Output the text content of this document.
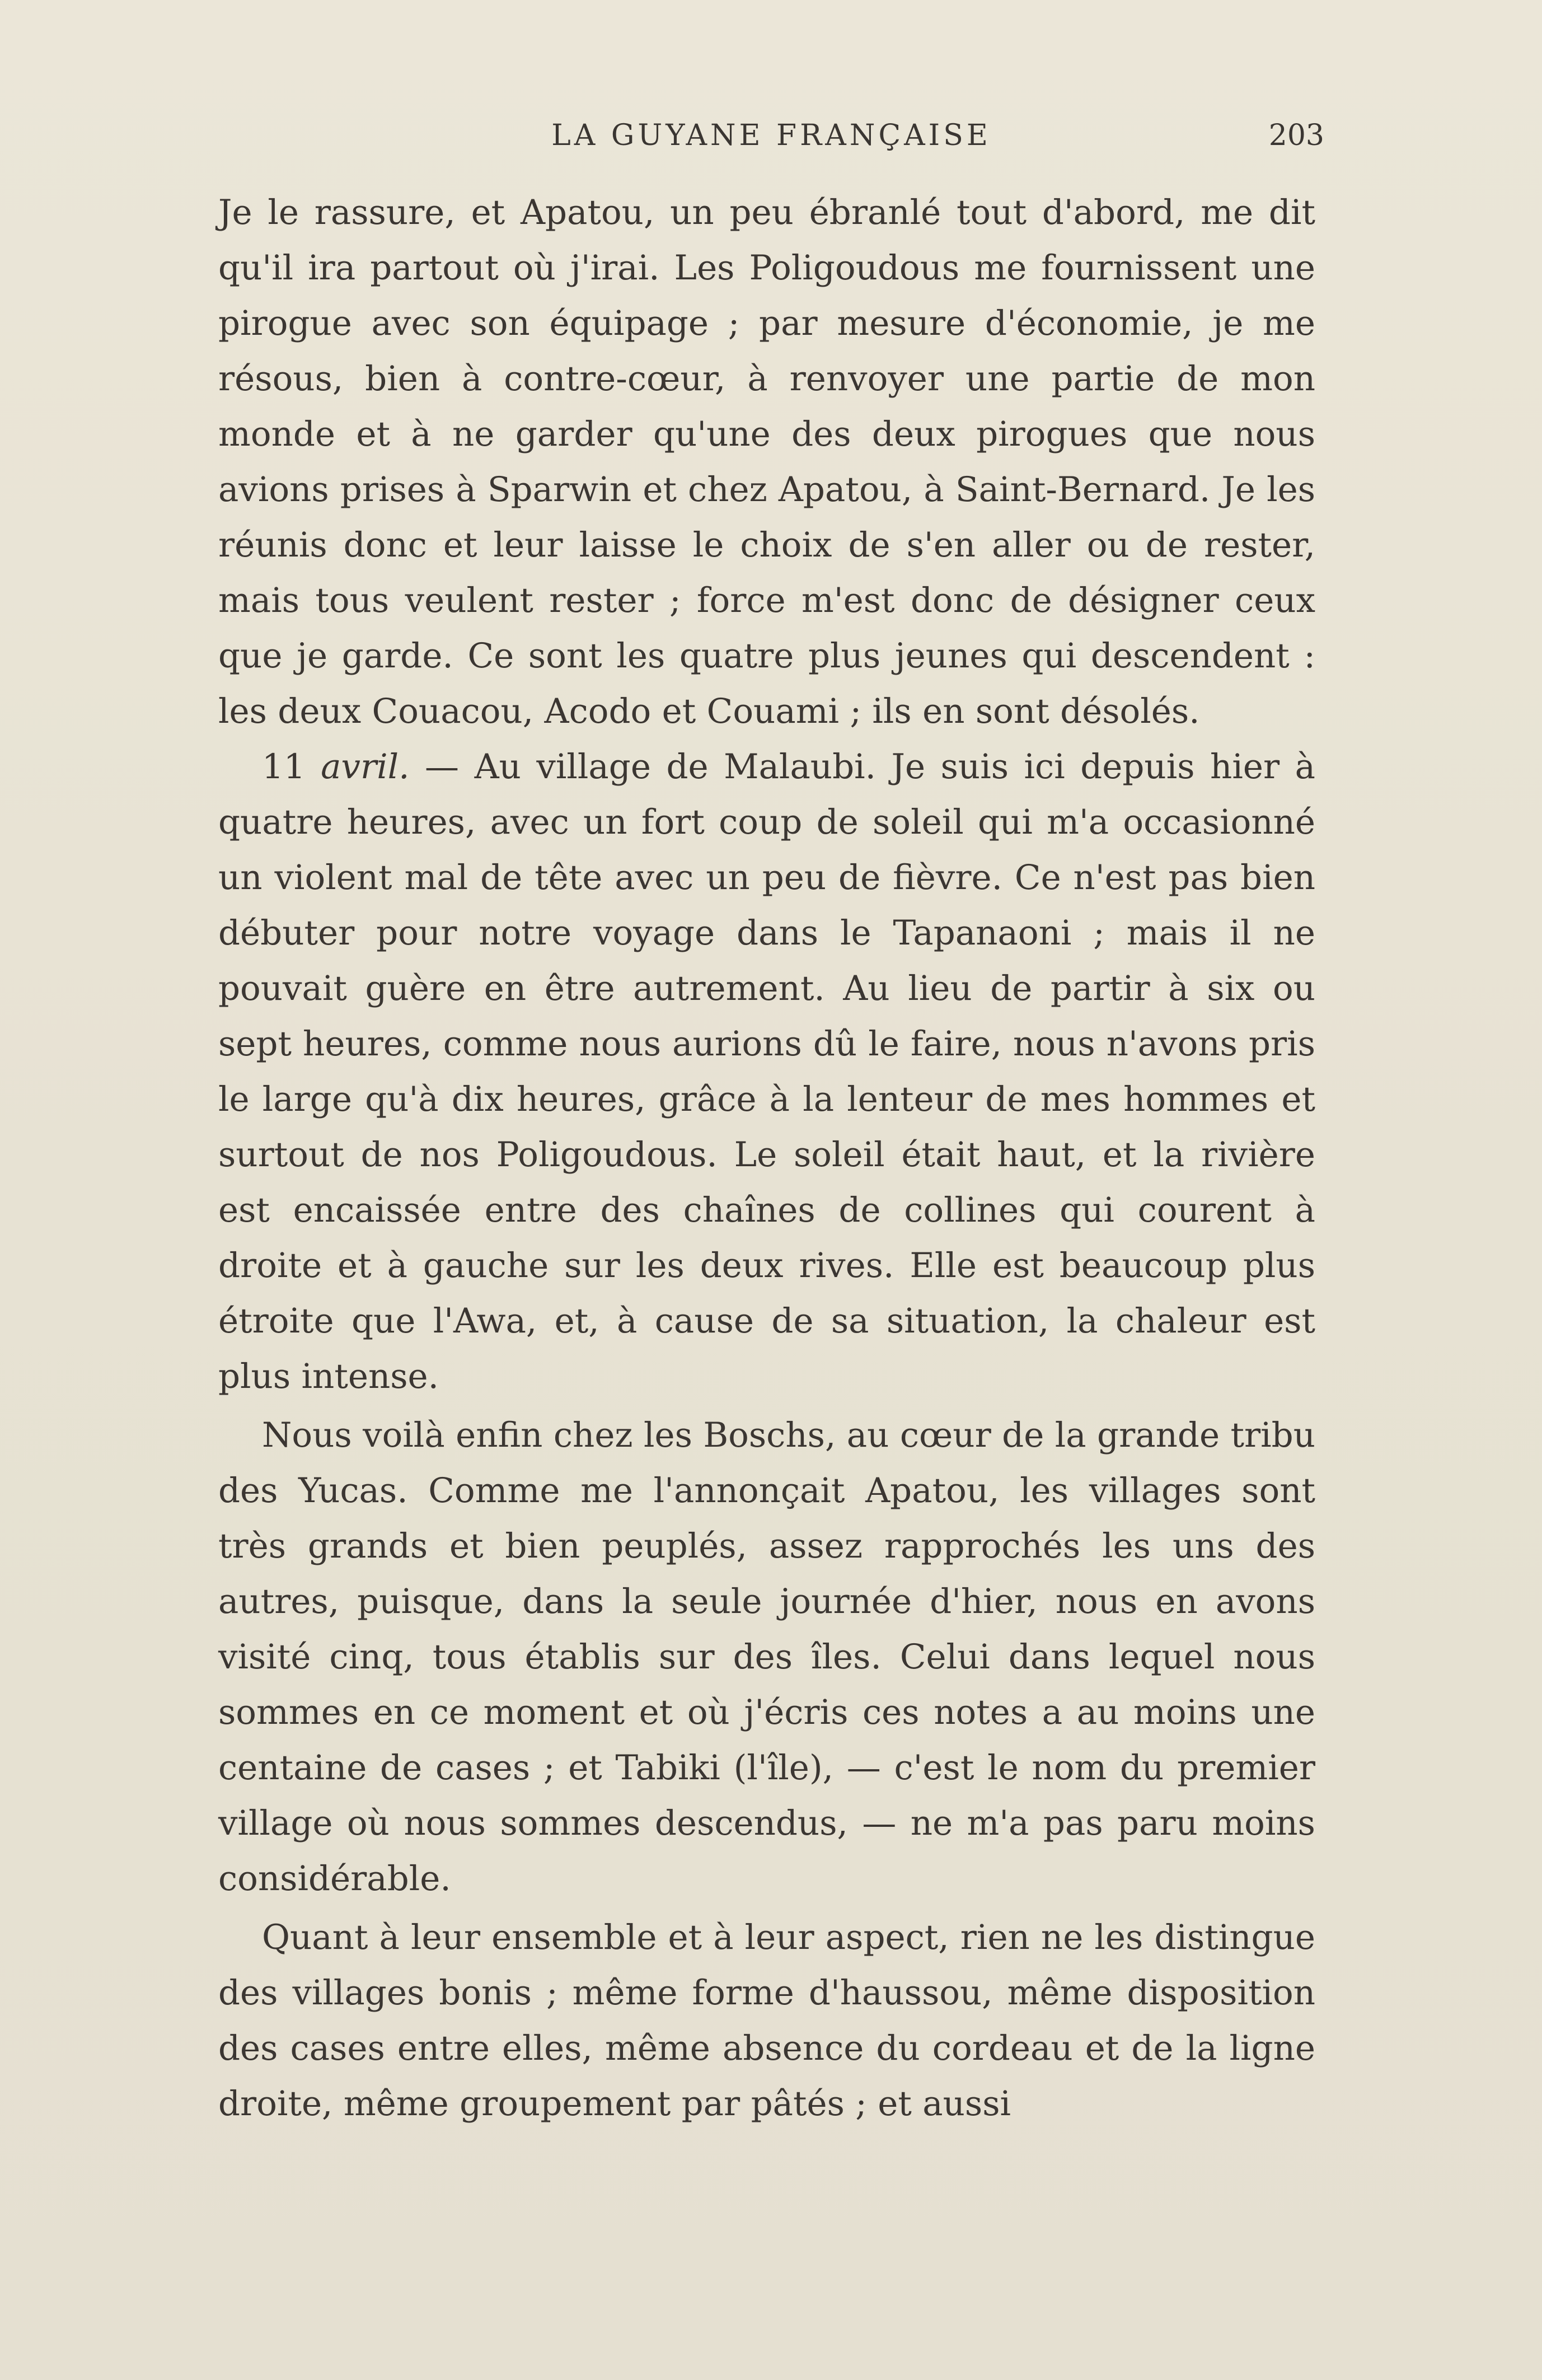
LA GUYANE FRANÇAISE	203

Je le rassure, et Apatou, un peu ébranlé tout d'abord, me dit qu'il ira partout où j'irai. Les Poligoudous me fournissent une pirogue avec son équipage ; par mesure d'économie, je me résous, bien à contre-cœur, à renvoyer une partie de mon monde et à ne garder qu'une des deux pirogues que nous avions prises à Sparwin et chez Apatou, à Saint-Bernard. Je les réunis donc et leur laisse le choix de s'en aller ou de rester, mais tous veulent rester ; force m'est donc de désigner ceux que je garde. Ce sont les quatre plus jeunes qui descendent : les deux Couacou, Acodo et Couami ; ils en sont désolés.

11 avril. — Au village de Malaubi. Je suis ici depuis hier à quatre heures, avec un fort coup de soleil qui m'a occasionné un violent mal de tête avec un peu de fièvre. Ce n'est pas bien débuter pour notre voyage dans le Tapanaoni ; mais il ne pouvait guère en être autrement. Au lieu de partir à six ou sept heures, comme nous aurions dû le faire, nous n'avons pris le large qu'à dix heures, grâce à la lenteur de mes hommes et surtout de nos Poligoudous. Le soleil était haut, et la rivière est encaissée entre des chaînes de collines qui courent à droite et à gauche sur les deux rives. Elle est beaucoup plus étroite que l'Awa, et, à cause de sa situation, la chaleur est plus intense.

Nous voilà enfin chez les Boschs, au cœur de la grande tribu des Yucas. Comme me l'annonçait Apatou, les villages sont très grands et bien peuplés, assez rapprochés les uns des autres, puisque, dans la seule journée d'hier, nous en avons visité cinq, tous établis sur des îles. Celui dans lequel nous sommes en ce moment et où j'écris ces notes a au moins une centaine de cases ; et Tabiki (l'île), — c'est le nom du premier village où nous sommes descendus, — ne m'a pas paru moins considérable.

Quant à leur ensemble et à leur aspect, rien ne les distingue des villages bonis ; même forme d'haussou, même disposition des cases entre elles, même absence du cordeau et de la ligne droite, même groupement par pâtés ; et aussi
